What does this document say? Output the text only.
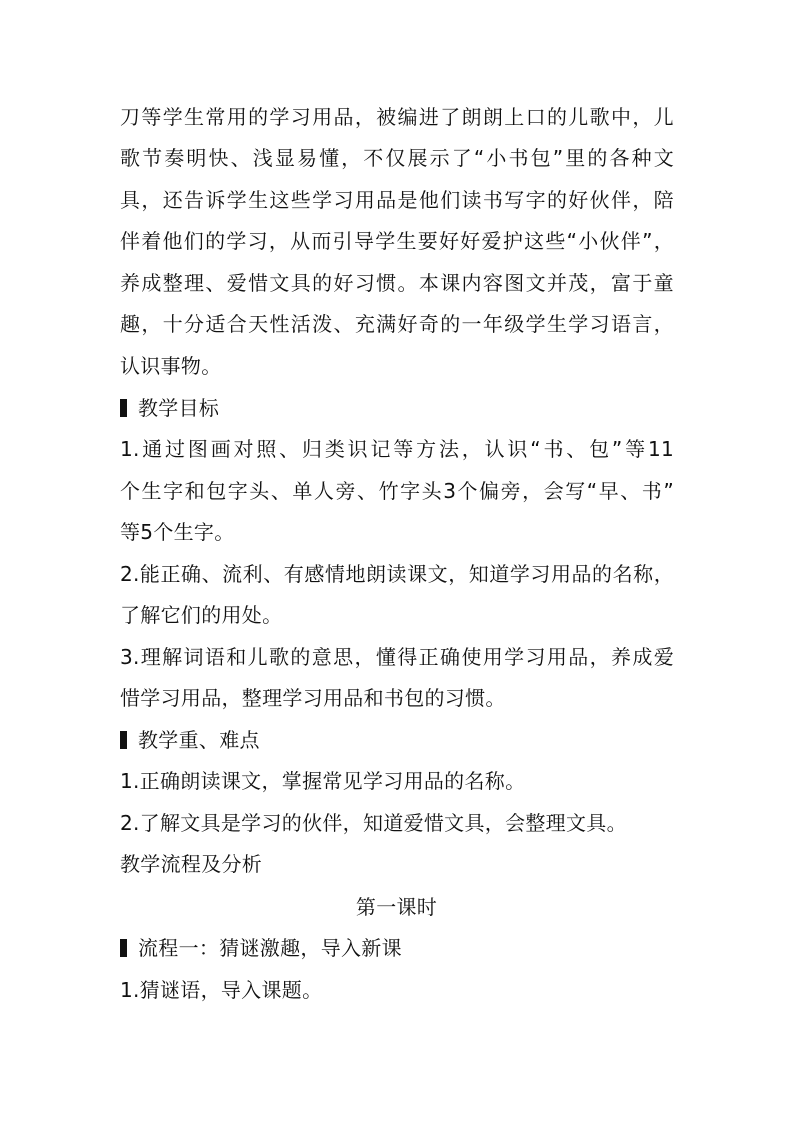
刀等学生常用的学习用品，被编进了朗朗上口的儿歌中，儿
歌节奏明快、浅显易懂，不仅展示了“小书包”里的各种文
具，还告诉学生这些学习用品是他们读书写字的好伙伴，陪
伴着他们的学习，从而引导学生要好好爱护这些“小伙伴”，
养成整理、爱惜文具的好习惯。本课内容图文并茂，富于童
趣，十分适合天性活泼、充满好奇的一年级学生学习语言，
认识事物。
教学目标
1.通过图画对照、归类识记等方法，认识“书、包”等11
个生字和包字头、单人旁、竹字头3个偏旁，会写“早、书”
等5个生字。
2.能正确、流利、有感情地朗读课文，知道学习用品的名称，
了解它们的用处。
3.理解词语和儿歌的意思，懂得正确使用学习用品，养成爱
惜学习用品，整理学习用品和书包的习惯。
教学重、难点
1.正确朗读课文，掌握常见学习用品的名称。
2.了解文具是学习的伙伴，知道爱惜文具，会整理文具。
教学流程及分析
第一课时
流程一：猜谜激趣，导入新课
1.猜谜语，导入课题。
